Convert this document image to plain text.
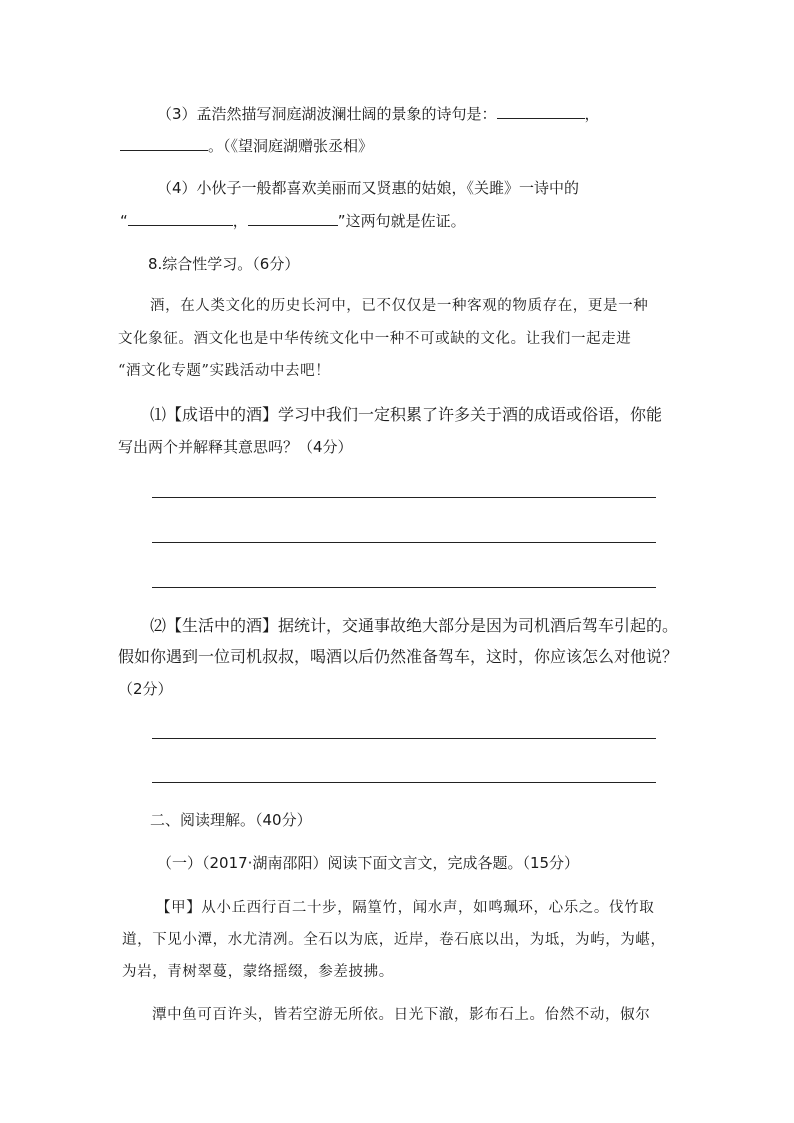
（3）孟浩然描写洞庭湖波澜壮阔的景象的诗句是：	，
。（《望洞庭湖赠张丞相》
（4）小伙子一般都喜欢美丽而又贤惠的姑娘，《关雎》一诗中的
“	，	”这两句就是佐证。
8.综合性学习。（6分）
酒，在人类文化的历史长河中，已不仅仅是一种客观的物质存在，更是一种
文化象征。酒文化也是中华传统文化中一种不可或缺的文化。让我们一起走进
“酒文化专题”实践活动中去吧！
⑴【成语中的酒】学习中我们一定积累了许多关于酒的成语或俗语，你能
写出两个并解释其意思吗？（4分）
⑵【生活中的酒】据统计，交通事故绝大部分是因为司机酒后驾车引起的。
假如你遇到一位司机叔叔，喝酒以后仍然准备驾车，这时，你应该怎么对他说？
（2分）
二、阅读理解。（40分）
（一）（2017·湖南邵阳）阅读下面文言文，完成各题。（15分）
【甲】从小丘西行百二十步，隔篁竹，闻水声，如鸣珮环，心乐之。伐竹取
道，下见小潭，水尤清冽。全石以为底，近岸，卷石底以出，为坻，为屿，为嵁，
为岩，青树翠蔓，蒙络摇缀，参差披拂。
潭中鱼可百许头，皆若空游无所依。日光下澈，影布石上。佁然不动，俶尔
